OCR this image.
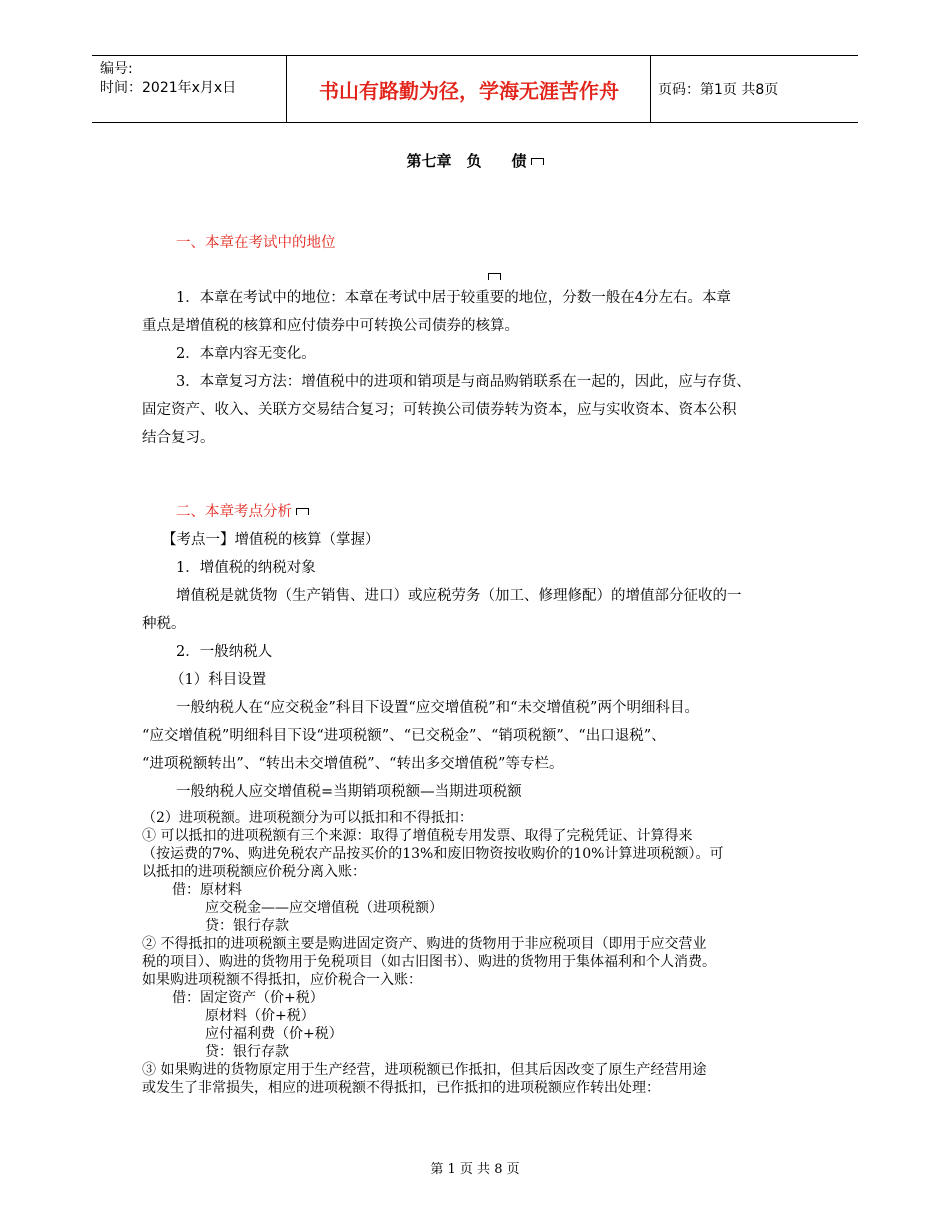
编号:
时间：2021年x月x日	书山有路勤为径，学海无涯苦作舟	页码：第1页 共8页
第七章　负　　债
一、本章在考试中的地位
1．本章在考试中的地位：本章在考试中居于较重要的地位，分数一般在4分左右。本章
重点是增值税的核算和应付债券中可转换公司债券的核算。
2．本章内容无变化。
3．本章复习方法：增值税中的进项和销项是与商品购销联系在一起的，因此，应与存货、
固定资产、收入、关联方交易结合复习；可转换公司债券转为资本，应与实收资本、资本公积
结合复习。
二、本章考点分析
【考点一】增值税的核算（掌握）
1．增值税的纳税对象
增值税是就货物（生产销售、进口）或应税劳务（加工、修理修配）的增值部分征收的一
种税。
2．一般纳税人
（1）科目设置
一般纳税人在“应交税金”科目下设置“应交增值税”和“未交增值税”两个明细科目。
“应交增值税”明细科目下设“进项税额”、“已交税金”、“销项税额”、“出口退税”、
“进项税额转出”、“转出未交增值税”、“转出多交增值税”等专栏。
一般纳税人应交增值税=当期销项税额—当期进项税额
（2）进项税额。进项税额分为可以抵扣和不得抵扣：
① 可以抵扣的进项税额有三个来源：取得了增值税专用发票、取得了完税凭证、计算得来
（按运费的7%、购进免税农产品按买价的13%和废旧物资按收购价的10%计算进项税额）。可
以抵扣的进项税额应价税分离入账：
借：原材料
应交税金——应交增值税（进项税额）
贷：银行存款
② 不得抵扣的进项税额主要是购进固定资产、购进的货物用于非应税项目（即用于应交营业
税的项目）、购进的货物用于免税项目（如古旧图书）、购进的货物用于集体福利和个人消费。
如果购进项税额不得抵扣，应价税合一入账：
借：固定资产（价+税）
原材料（价+税）
应付福利费（价+税）
贷：银行存款
③ 如果购进的货物原定用于生产经营，进项税额已作抵扣，但其后因改变了原生产经营用途
或发生了非常损失，相应的进项税额不得抵扣，已作抵扣的进项税额应作转出处理：
第 1 页 共 8 页
